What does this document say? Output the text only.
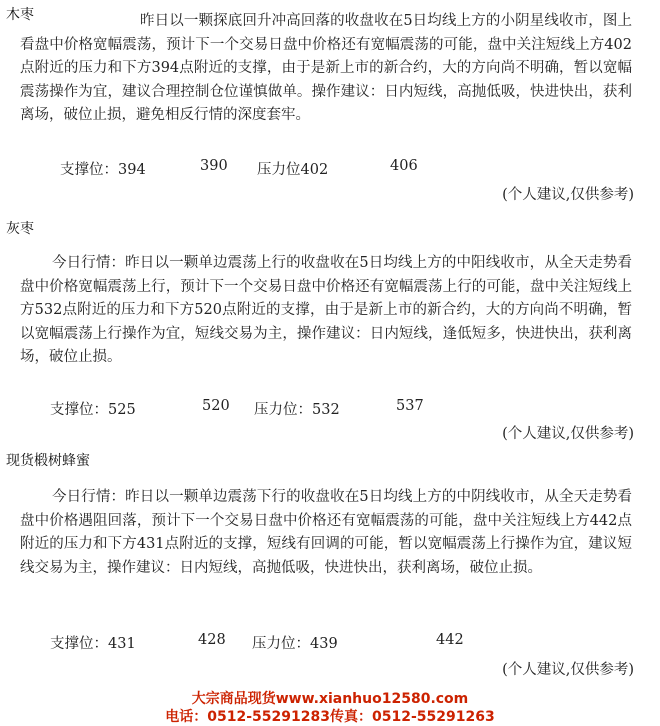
木枣	昨日以一颗探底回升冲高回落的收盘收在5日均线上方的小阴星线收市，图上看盘中价格宽幅震荡，预计下一个交易日盘中价格还有宽幅震荡的可能，盘中关注短线上方402点附近的压力和下方394点附近的支撑，由于是新上市的新合约，大的方向尚不明确，暂以宽幅震荡操作为宜，建议合理控制仓位谨慎做单。操作建议：日内短线，高抛低吸，快进快出，获利离场，破位止损，避免相反行情的深度套牢。
支撑位：394	390 压力位402	406
(个人建议,仅供参考)
灰枣
今日行情：昨日以一颗单边震荡上行的收盘收在5日均线上方的中阳线收市，从全天走势看盘中价格宽幅震荡上行，预计下一个交易日盘中价格还有宽幅震荡上行的可能，盘中关注短线上方532点附近的压力和下方520点附近的支撑，由于是新上市的新合约，大的方向尚不明确，暂以宽幅震荡上行操作为宜，短线交易为主，操作建议：日内短线，逢低短多，快进快出，获利离场，破位止损。
支撑位：525	520 压力位：532	537
(个人建议,仅供参考)
现货椴树蜂蜜
今日行情：昨日以一颗单边震荡下行的收盘收在5日均线上方的中阴线收市，从全天走势看盘中价格遇阻回落，预计下一个交易日盘中价格还有宽幅震荡的可能，盘中关注短线上方442点附近的压力和下方431点附近的支撑，短线有回调的可能，暂以宽幅震荡上行操作为宜，建议短线交易为主，操作建议：日内短线，高抛低吸，快进快出，获利离场，破位止损。
支撑位：431	428 压力位：439	442
(个人建议,仅供参考)
大宗商品现货www.xianhuo12580.com
电话：0512-55291283传真：0512-55291263
